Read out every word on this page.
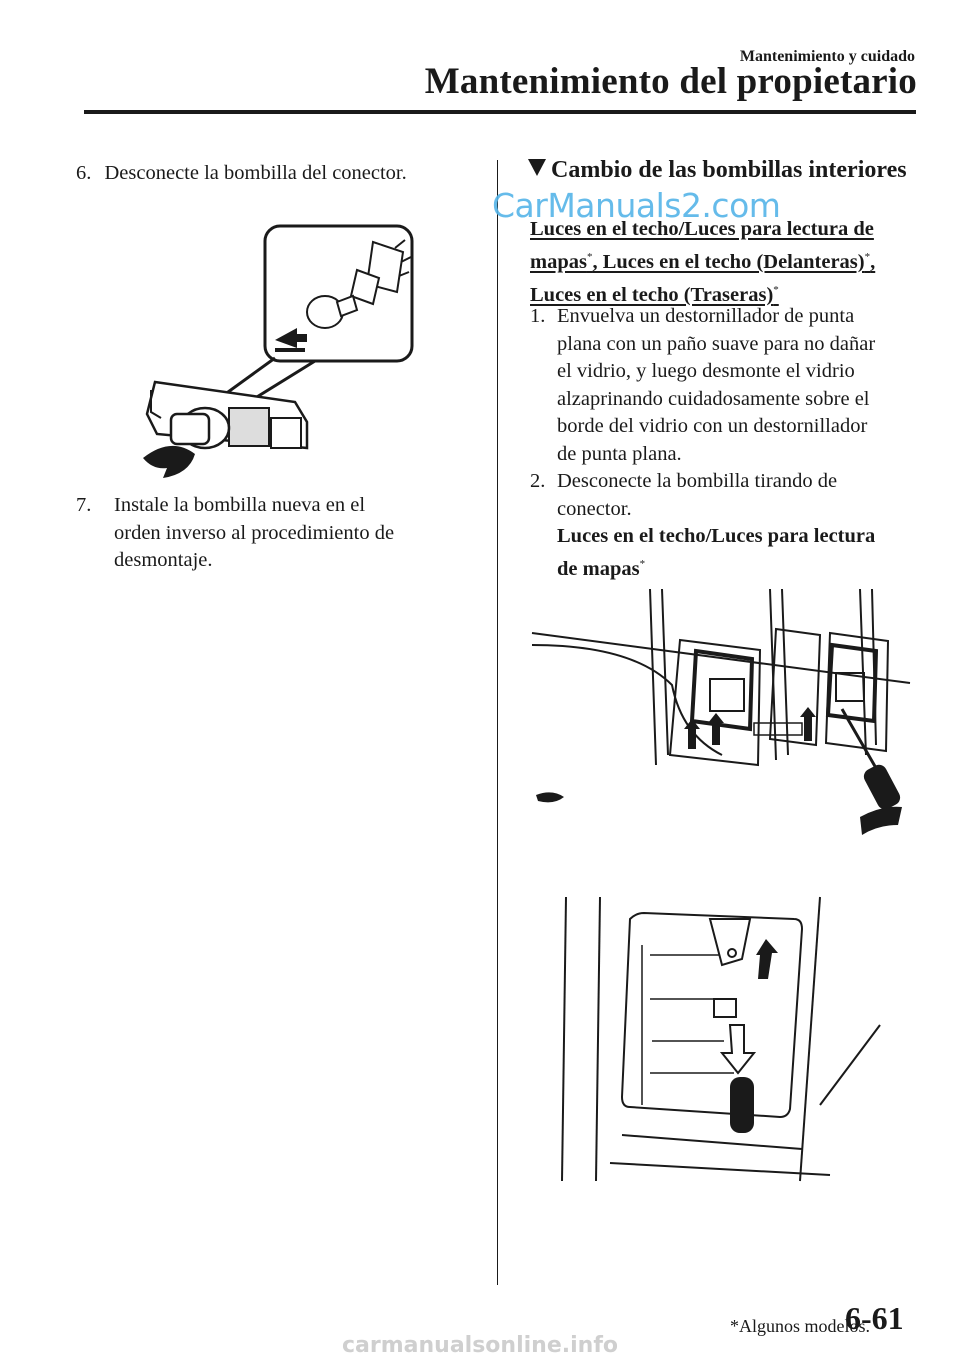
Mantenimiento y cuidado
Mantenimiento del propietario
6. Desconecte la bombilla del conector.
7. Instale la bombilla nueva en el
orden inverso al procedimiento de
desmontaje.
Cambio de las bombillas interiores
CarManuals2.com
Luces en el techo/Luces para lectura de
mapas*, Luces en el techo (Delanteras)*,
Luces en el techo (Traseras)*
1. Envuelva un destornillador de punta
plana con un paño suave para no dañar
el vidrio, y luego desmonte el vidrio
alzaprinando cuidadosamente sobre el
borde del vidrio con un destornillador
de punta plana.
2. Desconecte la bombilla tirando de
conector.
Luces en el techo/Luces para lectura
de mapas*
*Algunos modelos.
6-61
carmanualsonline.info
